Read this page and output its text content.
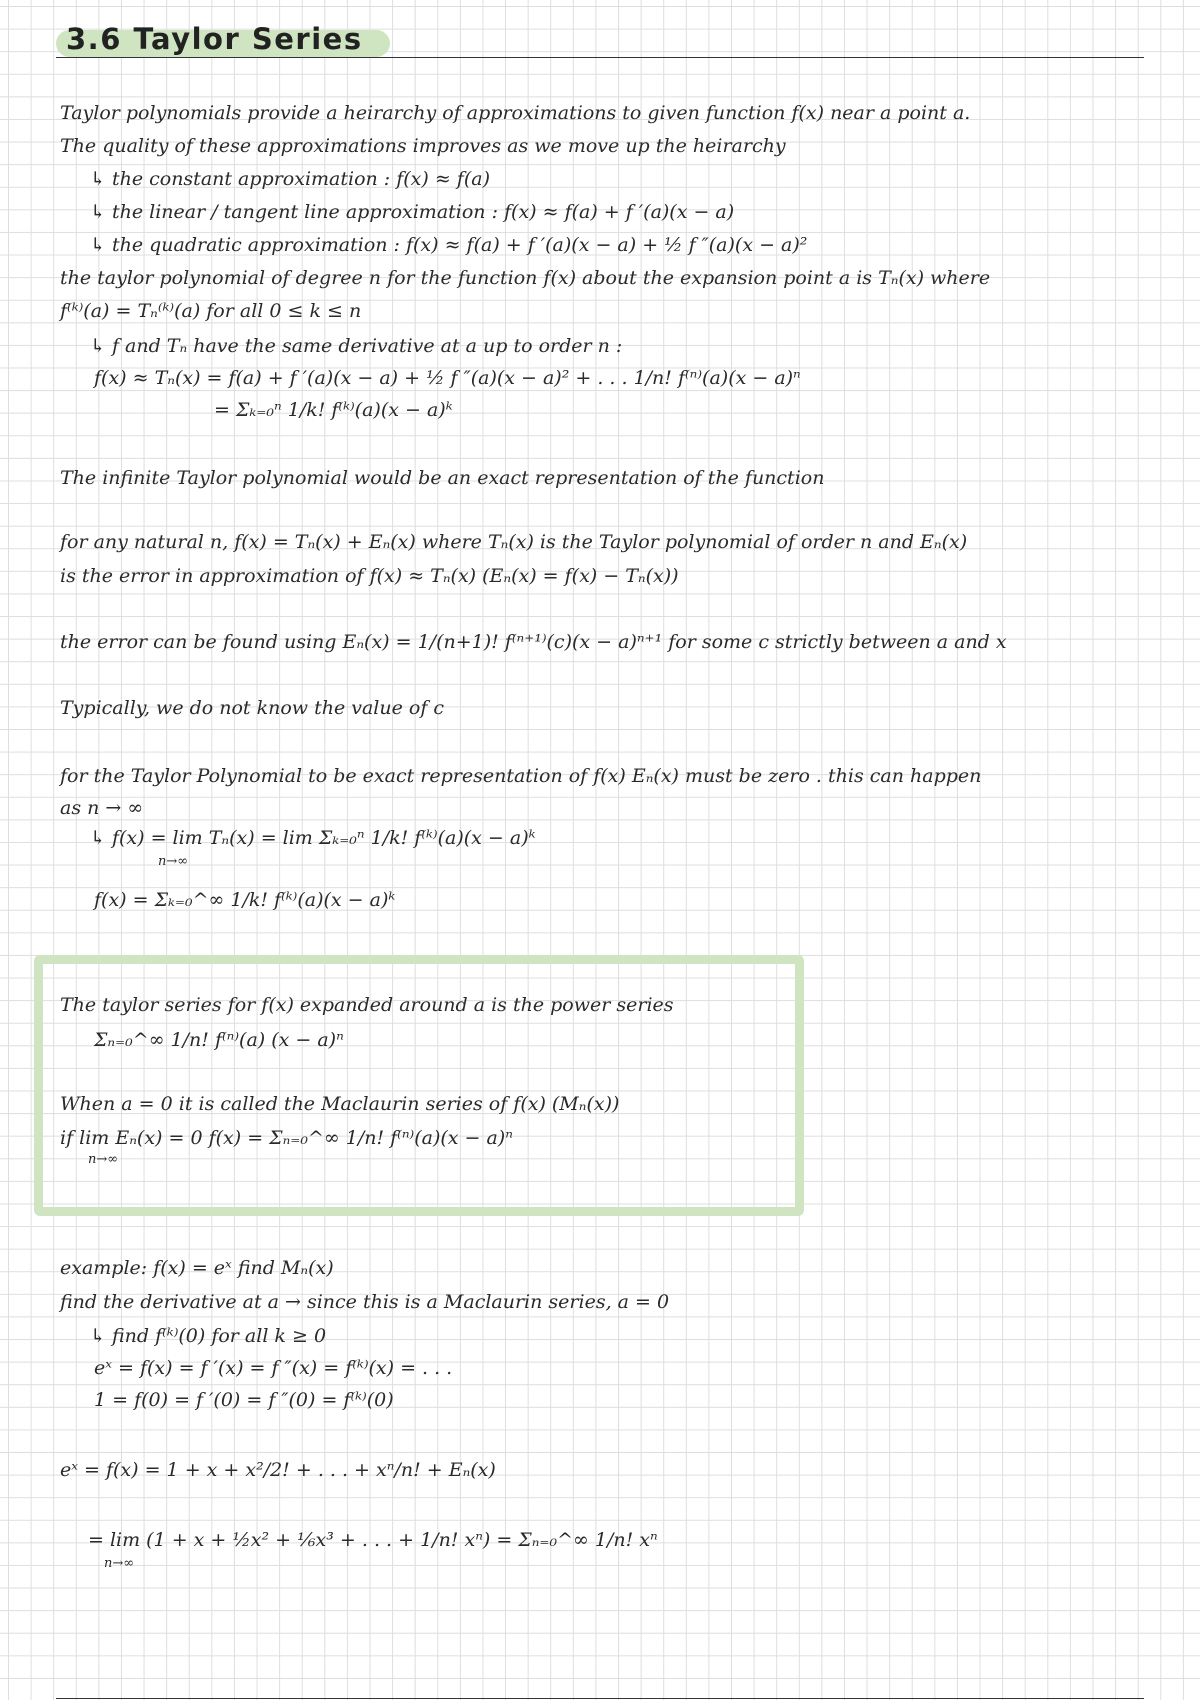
3.6 Taylor Series

Taylor polynomials provide a heirarchy of approximations to given function f(x) near a point a.

The quality of these approximations improves as we move up the heirarchy

↳ the constant approximation : f(x) ≈ f(a)

↳ the linear / tangent line approximation : f(x) ≈ f(a) + f ′(a)(x − a)

↳ the quadratic approximation : f(x) ≈ f(a) + f ′(a)(x − a) + ½ f ″(a)(x − a)²

the taylor polynomial of degree n for the function f(x) about the expansion point a is Tₙ(x) where

f⁽ᵏ⁾(a) = Tₙ⁽ᵏ⁾(a) for all 0 ≤ k ≤ n

↳ f and Tₙ have the same derivative at a up to order n :

f(x) ≈ Tₙ(x) = f(a) + f ′(a)(x − a) + ½ f ″(a)(x − a)² + . . . 1/n! f⁽ⁿ⁾(a)(x − a)ⁿ

= Σₖ₌₀ⁿ 1/k! f⁽ᵏ⁾(a)(x − a)ᵏ

The infinite Taylor polynomial would be an exact representation of the function

for any natural n, f(x) = Tₙ(x) + Eₙ(x) where Tₙ(x) is the Taylor polynomial of order n and Eₙ(x)

is the error in approximation of f(x) ≈ Tₙ(x) (Eₙ(x) = f(x) − Tₙ(x))

the error can be found using Eₙ(x) = 1/(n+1)! f⁽ⁿ⁺¹⁾(c)(x − a)ⁿ⁺¹ for some c strictly between a and x

Typically, we do not know the value of c

for the Taylor Polynomial to be exact representation of f(x) Eₙ(x) must be zero . this can happen

as n → ∞

↳ f(x) = lim Tₙ(x) = lim Σₖ₌₀ⁿ 1/k! f⁽ᵏ⁾(a)(x − a)ᵏ

n→∞

f(x) = Σₖ₌₀^∞ 1/k! f⁽ᵏ⁾(a)(x − a)ᵏ

The taylor series for f(x) expanded around a is the power series

Σₙ₌₀^∞ 1/n! f⁽ⁿ⁾(a) (x − a)ⁿ

When a = 0 it is called the Maclaurin series of f(x) (Mₙ(x))

if lim Eₙ(x) = 0 f(x) = Σₙ₌₀^∞ 1/n! f⁽ⁿ⁾(a)(x − a)ⁿ

n→∞

example: f(x) = eˣ find Mₙ(x)

find the derivative at a → since this is a Maclaurin series, a = 0

↳ find f⁽ᵏ⁾(0) for all k ≥ 0

eˣ = f(x) = f ′(x) = f ″(x) = f⁽ᵏ⁾(x) = . . .

1 = f(0) = f ′(0) = f ″(0) = f⁽ᵏ⁾(0)

eˣ = f(x) = 1 + x + x²/2! + . . . + xⁿ/n! + Eₙ(x)

= lim (1 + x + ½x² + ⅙x³ + . . . + 1/n! xⁿ) = Σₙ₌₀^∞ 1/n! xⁿ

n→∞
